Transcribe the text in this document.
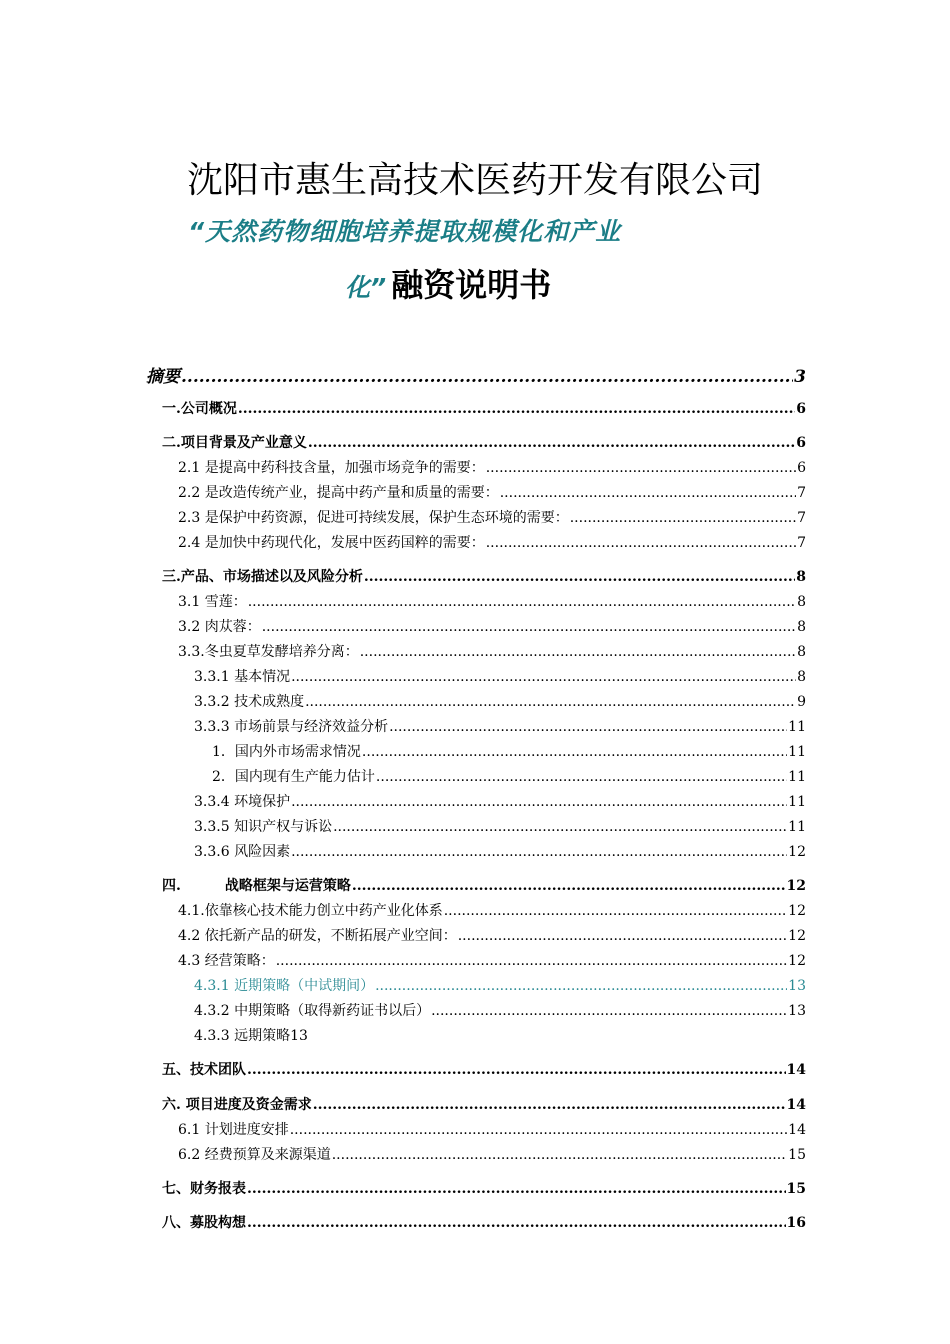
沈阳市惠生高技术医药开发有限公司
“天然药物细胞培养提取规模化和产业
化” 融资说明书
摘要 .....	3
一.公司概况 .....	6
二.项目背景及产业意义 .....	6
2.1 是提高中药科技含量，加强市场竞争的需要： .....	6
2.2 是改造传统产业，提高中药产量和质量的需要： .....	7
2.3 是保护中药资源，促进可持续发展，保护生态环境的需要： .....	7
2.4 是加快中药现代化，发展中医药国粹的需要： .....	7
三.产品、市场描述以及风险分析 .....	8
3.1 雪莲： .....	8
3.2 肉苁蓉： .....	8
3.3.冬虫夏草发酵培养分离： .....	8
3.3.1 基本情况 .....	8
3.3.2 技术成熟度 .....	9
3.3.3 市场前景与经济效益分析 .....	11
1．国内外市场需求情况 .....	11
2．国内现有生产能力估计 .....	11
3.3.4 环境保护 .....	11
3.3.5 知识产权与诉讼 .....	11
3.3.6 风险因素 .....	12
四.	战略框架与运营策略 .....	12
4.1.依靠核心技术能力创立中药产业化体系 .....	12
4.2 依托新产品的研发，不断拓展产业空间： .....	12
4.3 经营策略： .....	12
4.3.1 近期策略（中试期间） .....	13
4.3.2 中期策略（取得新药证书以后） .....	13
4.3.3 远期策略13
五、技术团队 .....	14
六. 项目进度及资金需求 .....	14
6.1 计划进度安排 .....	14
6.2 经费预算及来源渠道 .....	15
七、财务报表 .....	15
八、募股构想 .....	16
